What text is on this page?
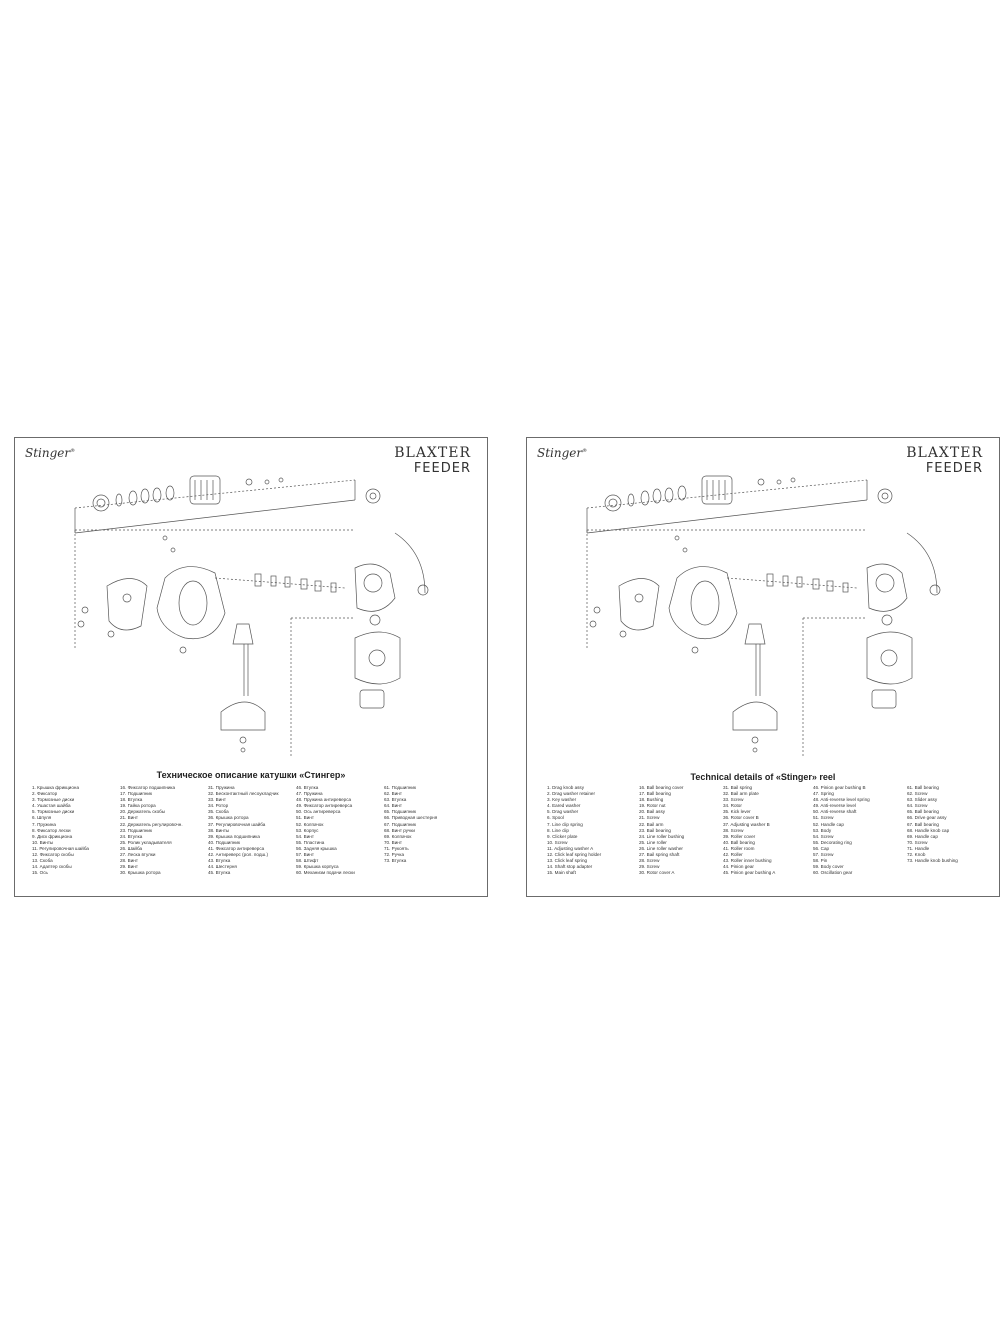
Stinger®	BLAXTER
FEEDER
Техническое описание катушки «Стингер»
1. Крышка фрикциона
2. Фиксатор
3. Тормозные диски
4. Ушастая шайба
5. Тормозные диски
6. Шпуля
7. Пружина
8. Фиксатор лески
9. Диск фрикциона
10. Винты
11. Регулировочная шайба
12. Фиксатор скобы
13. Скоба
14. Адаптер скобы
15. Ось
16. Фиксатор подшипника
17. Подшипник
18. Втулка
19. Гайка ротора
20. Держатель скобы
21. Винт
22. Держатель регулировочн.
23. Подшипник
24. Втулка
25. Ролик укладывателя
26. Шайба
27. Леска втулки
28. Винт
29. Винт
30. Крышка ротора
31. Пружина
32. Бесконтактный лесоукладчик
33. Винт
34. Ротор
35. Скоба
36. Крышка ротора
37. Регулировочная шайба
38. Винты
39. Крышка подшипника
40. Подшипник
41. Фиксатор антиреверса
42. Антиреверс (рол. подш.)
43. Втулка
44. Шестерня
45. Втулка
46. Втулка
47. Пружина
48. Пружина антиреверса
49. Фиксатор антиреверса
50. Ось антиреверса
51. Винт
52. Колпачок
53. Корпус
54. Винт
55. Пластина
56. Задняя крышка
57. Винт
58. Штифт
59. Крышка корпуса
60. Механизм подачи лески
61. Подшипник
62. Винт
63. Втулка
64. Винт
65. Подшипник
66. Приводная шестерня
67. Подшипник
68. Винт ручки
69. Колпачок
70. Винт
71. Рукоять
72. Ручка
73. Втулка
Stinger®	BLAXTER
FEEDER
Technical details of «Stinger» reel
1. Drag knob assy
2. Drag washer retainer
3. Key washer
4. Eared washer
5. Drag washer
6. Spool
7. Line clip spring
8. Line clip
9. Clicker plate
10. Screw
11. Adjusting washer A
12. Click leaf spring holder
13. Click leaf spring
14. Shaft stop adapter
15. Main shaft
16. Ball bearing cover
17. Ball bearing
18. Bushing
19. Rotor nut
20. Bail assy
21. Screw
22. Bail arm
23. Bail bearing
24. Line roller bushing
25. Line roller
26. Line roller washer
27. Bail spring shaft
28. Screw
29. Screw
30. Rotor cover A
31. Bail spring
32. Bail arm plate
33. Screw
34. Rotor
35. Kick lever
36. Rotor cover B
37. Adjusting washer B
38. Screw
39. Roller cover
40. Ball bearing
41. Roller room
42. Roller
43. Roller inner bushing
44. Pinion gear
45. Pinion gear bushing A
46. Pinion gear bushing B
47. Spring
48. Anti-reverse level spring
49. Anti-reverse level
50. Anti-reverse shaft
51. Screw
52. Handle cap
53. Body
54. Screw
55. Decorating ring
56. Cap
57. Screw
58. Pin
59. Body cover
60. Oscillation gear
61. Ball bearing
62. Screw
63. Slider assy
64. Screw
65. Ball bearing
66. Drive gear assy
67. Ball bearing
68. Handle knob cap
69. Handle cap
70. Screw
71. Handle
72. Knob
73. Handle knob bushing
